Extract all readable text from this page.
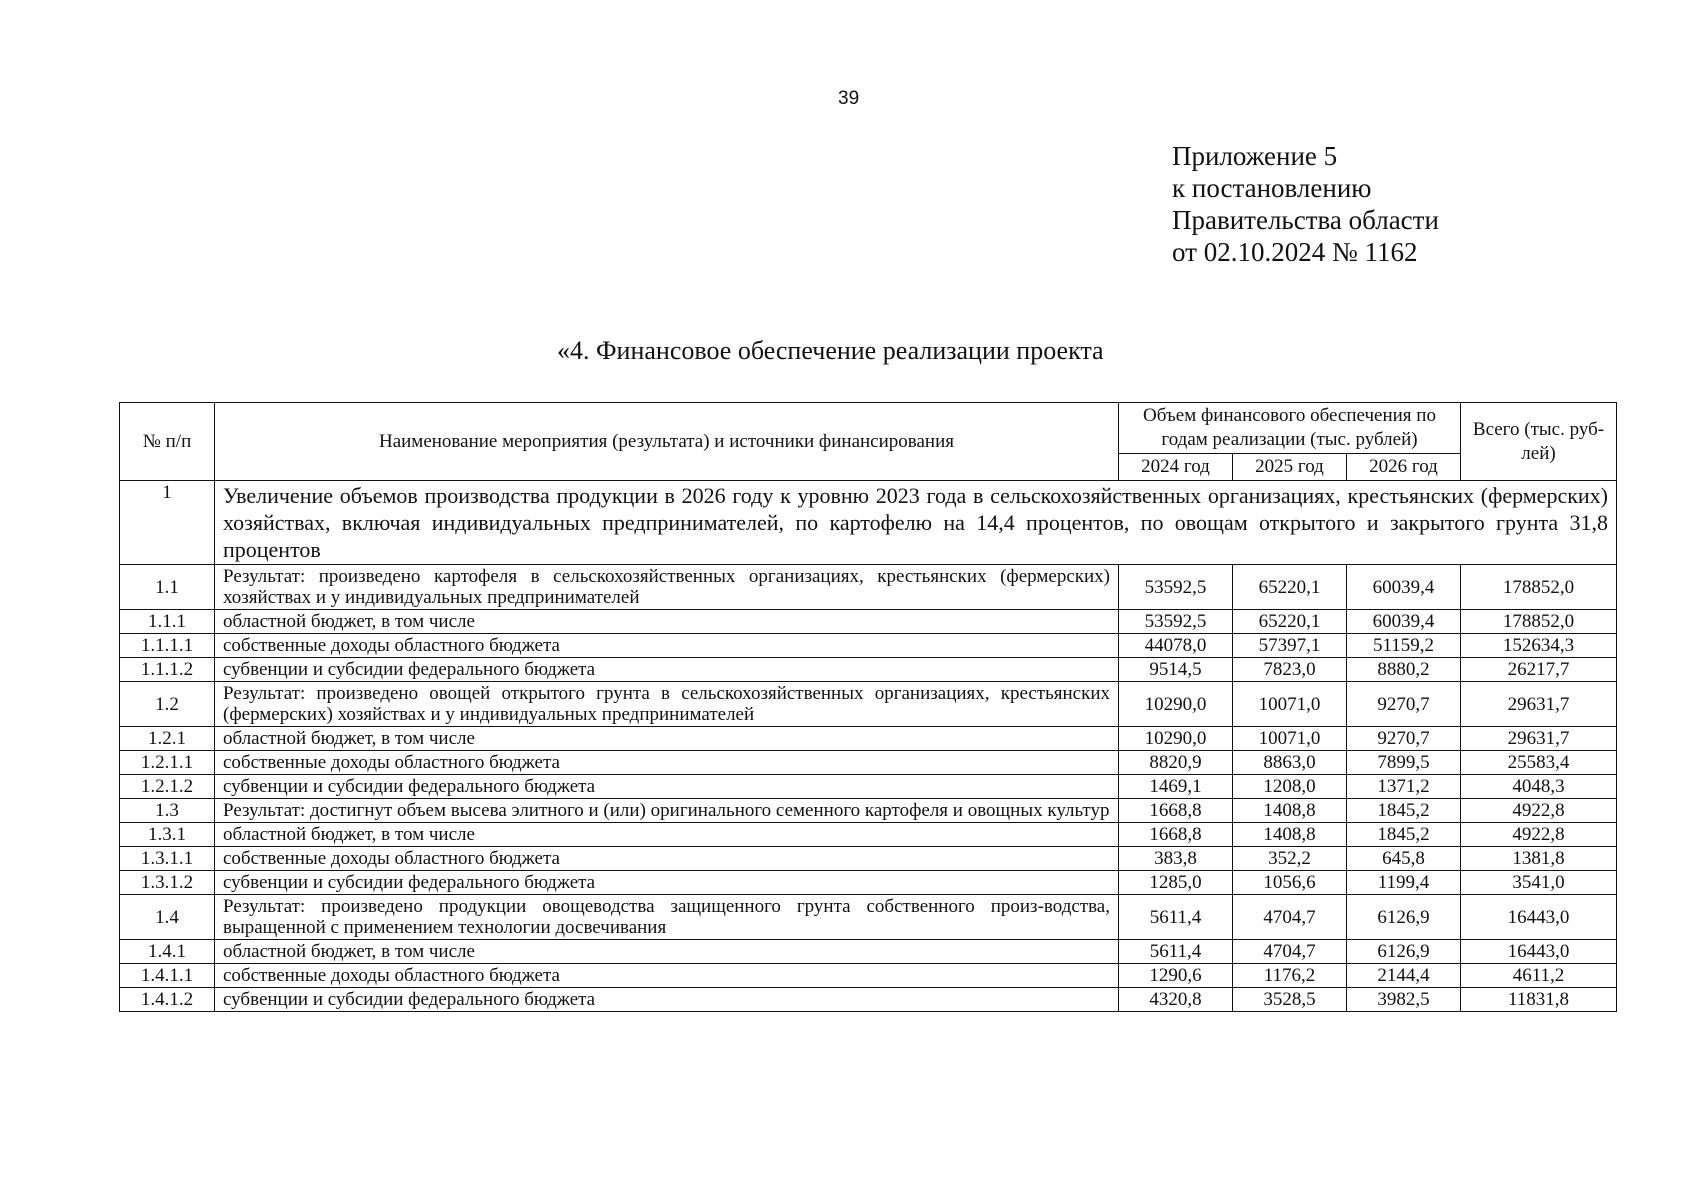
39
Приложение 5
к постановлению
Правительства области
от 02.10.2024 № 1162
«4. Финансовое обеспечение реализации проекта
№ п/п	Наименование мероприятия (результата) и источники финансирования	Объем финансового обеспечения по годам реализации (тыс. рублей)			Всего (тыс. руб-лей)
		2024 год	2025 год	2026 год	
1	Увеличение объемов производства продукции в 2026 году к уровню 2023 года в сельскохозяйственных организациях, крестьянских (фермерских) хозяйствах, включая индивидуальных предпринимателей, по картофелю на 14,4 процентов, по овощам открытого и закрытого грунта 31,8 процентов				
1.1	Результат: произведено картофеля в сельскохозяйственных организациях, крестьянских (фермерских) хозяйствах и у индивидуальных предпринимателей	53592,5	65220,1	60039,4	178852,0
1.1.1	областной бюджет, в том числе	53592,5	65220,1	60039,4	178852,0
1.1.1.1	собственные доходы областного бюджета	44078,0	57397,1	51159,2	152634,3
1.1.1.2	субвенции и субсидии федерального бюджета	9514,5	7823,0	8880,2	26217,7
1.2	Результат: произведено овощей открытого грунта в сельскохозяйственных организациях, крестьянских (фермерских) хозяйствах и у индивидуальных предпринимателей	10290,0	10071,0	9270,7	29631,7
1.2.1	областной бюджет, в том числе	10290,0	10071,0	9270,7	29631,7
1.2.1.1	собственные доходы областного бюджета	8820,9	8863,0	7899,5	25583,4
1.2.1.2	субвенции и субсидии федерального бюджета	1469,1	1208,0	1371,2	4048,3
1.3	Результат: достигнут объем высева элитного и (или) оригинального семенного картофеля и овощных культур	1668,8	1408,8	1845,2	4922,8
1.3.1	областной бюджет, в том числе	1668,8	1408,8	1845,2	4922,8
1.3.1.1	собственные доходы областного бюджета	383,8	352,2	645,8	1381,8
1.3.1.2	субвенции и субсидии федерального бюджета	1285,0	1056,6	1199,4	3541,0
1.4	Результат: произведено продукции овощеводства защищенного грунта собственного произ-водства, выращенной с применением технологии досвечивания	5611,4	4704,7	6126,9	16443,0
1.4.1	областной бюджет, в том числе	5611,4	4704,7	6126,9	16443,0
1.4.1.1	собственные доходы областного бюджета	1290,6	1176,2	2144,4	4611,2
1.4.1.2	субвенции и субсидии федерального бюджета	4320,8	3528,5	3982,5	11831,8
